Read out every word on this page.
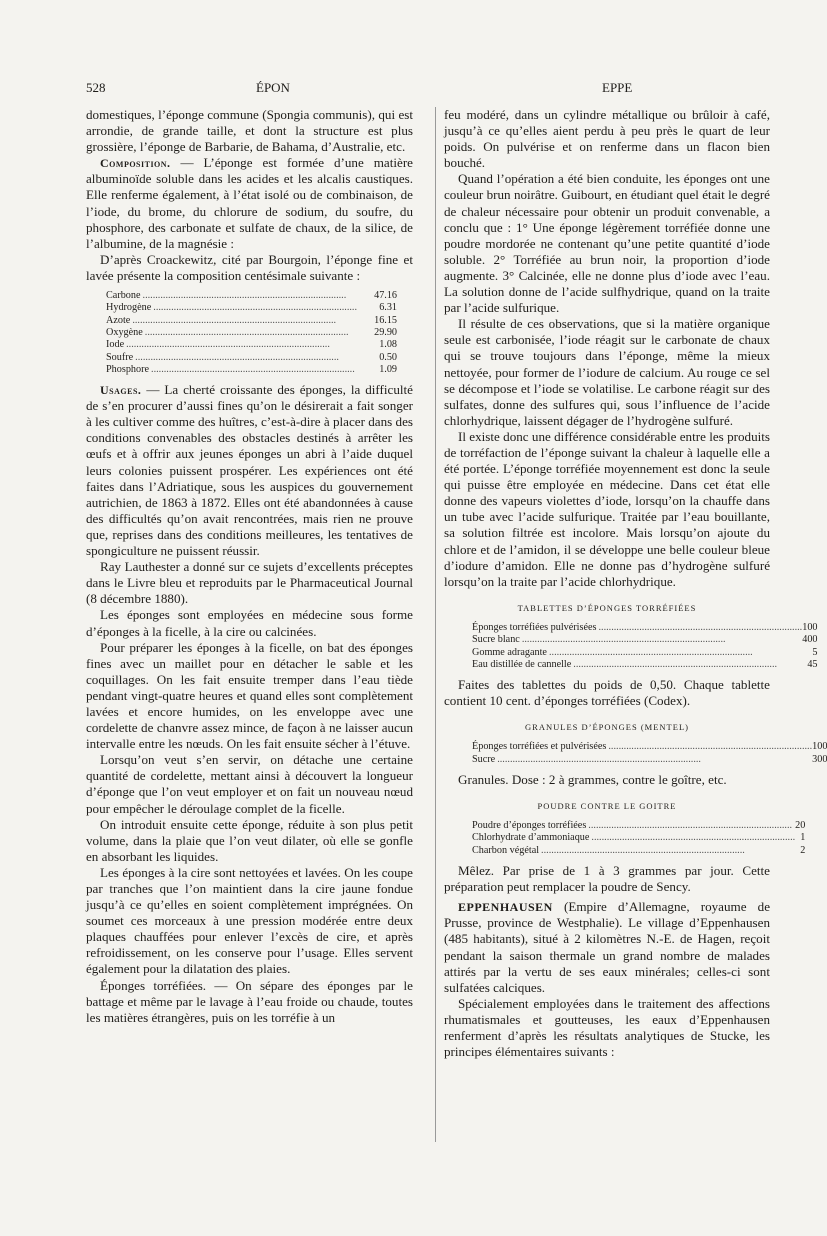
528	ÉPON	EPPE

domestiques, l’éponge commune (Spongia communis), qui est arrondie, de grande taille, et dont la structure est plus grossière, l’éponge de Barbarie, de Bahama, d’Australie, etc.

Composition. — L’éponge est formée d’une matière albuminoïde soluble dans les acides et les alcalis caustiques. Elle renferme également, à l’état isolé ou de combinaison, de l’iode, du brome, du chlorure de sodium, du soufre, du phosphore, des carbonate et sulfate de chaux, de la silice, de l’albumine, de la magnésie :

D’après Croackewitz, cité par Bourgoin, l’éponge fine et lavée présente la composition centésimale suivante :

Carbone ................................................................................	47.16
Hydrogène ................................................................................	6.31
Azote ................................................................................	16.15
Oxygène ................................................................................	29.90
Iode ................................................................................	1.08
Soufre ................................................................................	0.50
Phosphore ................................................................................	1.09

Usages. — La cherté croissante des éponges, la difficulté de s’en procurer d’aussi fines qu’on le désirerait a fait songer à les cultiver comme des huîtres, c’est-à-dire à placer dans des conditions convenables des obstacles destinés à arrêter les œufs et à offrir aux jeunes éponges un abri à l’aide duquel leurs colonies puissent prospérer. Les expériences ont été faites dans l’Adriatique, sous les auspices du gouvernement autrichien, de 1863 à 1872. Elles ont été abandonnées à cause des difficultés qu’on avait rencontrées, mais rien ne prouve que, reprises dans des conditions meilleures, les tentatives de spongiculture ne puissent réussir.

Ray Lauthester a donné sur ce sujets d’excellents préceptes dans le Livre bleu et reproduits par le Pharmaceutical Journal (8 décembre 1880).

Les éponges sont employées en médecine sous forme d’éponges à la ficelle, à la cire ou calcinées.

Pour préparer les éponges à la ficelle, on bat des éponges fines avec un maillet pour en détacher le sable et les coquillages. On les fait ensuite tremper dans l’eau tiède pendant vingt-quatre heures et quand elles sont complètement lavées et encore humides, on les enveloppe avec une cordelette de chanvre assez mince, de façon à ne laisser aucun intervalle entre les nœuds. On les fait ensuite sécher à l’étuve.

Lorsqu’on veut s’en servir, on détache une certaine quantité de cordelette, mettant ainsi à découvert la longueur d’éponge que l’on veut employer et on fait un nouveau nœud pour empêcher le déroulage complet de la ficelle.

On introduit ensuite cette éponge, réduite à son plus petit volume, dans la plaie que l’on veut dilater, où elle se gonfle en absorbant les liquides.

Les éponges à la cire sont nettoyées et lavées. On les coupe par tranches que l’on maintient dans la cire jaune fondue jusqu’à ce qu’elles en soient complètement imprégnées. On soumet ces morceaux à une pression modérée entre deux plaques chauffées pour enlever l’excès de cire, et après refroidissement, on les conserve pour l’usage. Elles servent également pour la dilatation des plaies.

Éponges torréfiées. — On sépare des éponges par le battage et même par le lavage à l’eau froide ou chaude, toutes les matières étrangères, puis on les torréfie à un

feu modéré, dans un cylindre métallique ou brûloir à café, jusqu’à ce qu’elles aient perdu à peu près le quart de leur poids. On pulvérise et on renferme dans un flacon bien bouché.

Quand l’opération a été bien conduite, les éponges ont une couleur brun noirâtre. Guibourt, en étudiant quel était le degré de chaleur nécessaire pour obtenir un produit convenable, a conclu que : 1° Une éponge légèrement torréfiée donne une poudre mordorée ne contenant qu’une petite quantité d’iode soluble. 2° Torréfiée au brun noir, la proportion d’iode augmente. 3° Calcinée, elle ne donne plus d’iode avec l’eau. La solution donne de l’acide sulfhydrique, quand on la traite par l’acide sulfurique.

Il résulte de ces observations, que si la matière organique seule est carbonisée, l’iode réagit sur le carbonate de chaux qui se trouve toujours dans l’éponge, même la mieux nettoyée, pour former de l’iodure de calcium. Au rouge ce sel se décompose et l’iode se volatilise. Le carbone réagit sur des sulfates, donne des sulfures qui, sous l’influence de l’acide chlorhydrique, laissent dégager de l’hydrogène sulfuré.

Il existe donc une différence considérable entre les produits de torréfaction de l’éponge suivant la chaleur à laquelle elle a été portée. L’éponge torréfiée moyennement est donc la seule qui puisse être employée en médecine. Dans cet état elle donne des vapeurs violettes d’iode, lorsqu’on la chauffe dans un tube avec l’acide sulfurique. Traitée par l’eau bouillante, sa solution filtrée est incolore. Mais lorsqu’on ajoute du chlore et de l’amidon, il se développe une belle couleur bleue d’iodure d’amidon. Elle ne donne pas d’hydrogène sulfuré lorsqu’on la traite par l’acide chlorhydrique.

TABLETTES D’ÉPONGES TORRÉFIÉES
Éponges torréfiées pulvérisées ................................................................................	100
Sucre blanc ................................................................................	400
Gomme adragante ................................................................................	5
Eau distillée de cannelle ................................................................................	45

Faites des tablettes du poids de 0,50. Chaque tablette contient 10 cent. d’éponges torréfiées (Codex).

GRANULES D’ÉPONGES (MENTEL)
Éponges torréfiées et pulvérisées ................................................................................	100
Sucre ................................................................................	300

Granules. Dose : 2 à grammes, contre le goître, etc.

POUDRE CONTRE LE GOITRE
Poudre d’éponges torréfiées ................................................................................	20
Chlorhydrate d’ammoniaque ................................................................................	1
Charbon végétal ................................................................................	2

Mêlez. Par prise de 1 à 3 grammes par jour. Cette préparation peut remplacer la poudre de Sency.

EPPENHAUSEN (Empire d’Allemagne, royaume de Prusse, province de Westphalie). Le village d’Eppenhausen (485 habitants), situé à 2 kilomètres N.-E. de Hagen, reçoit pendant la saison thermale un grand nombre de malades attirés par la vertu de ses eaux minérales; celles-ci sont sulfatées calciques.

Spécialement employées dans le traitement des affections rhumatismales et goutteuses, les eaux d’Eppenhausen renferment d’après les résultats analytiques de Stucke, les principes élémentaires suivants :
